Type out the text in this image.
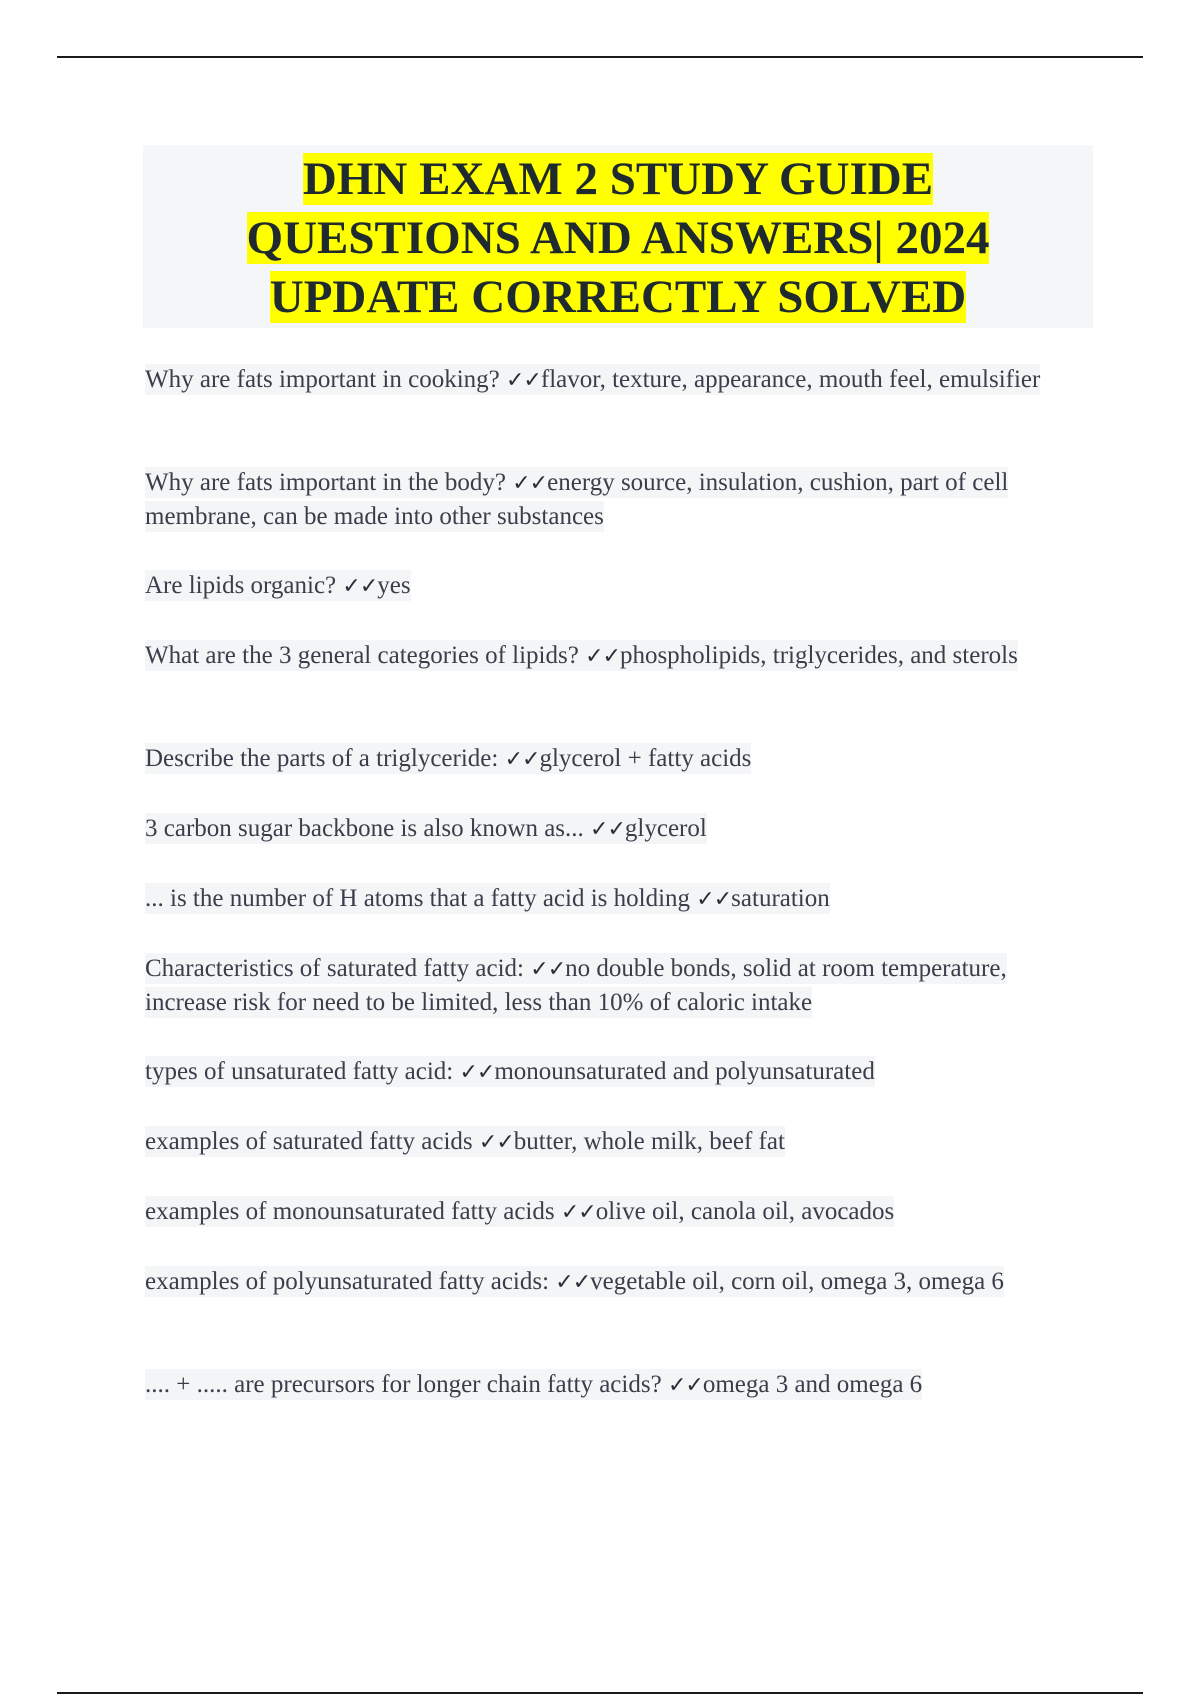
DHN EXAM 2 STUDY GUIDE
QUESTIONS AND ANSWERS| 2024
UPDATE CORRECTLY SOLVED
Why are fats important in cooking? ✓✓flavor, texture, appearance, mouth feel, emulsifier
Why are fats important in the body? ✓✓energy source, insulation, cushion, part of cell membrane, can be made into other substances
Are lipids organic? ✓✓yes
What are the 3 general categories of lipids? ✓✓phospholipids, triglycerides, and sterols
Describe the parts of a triglyceride: ✓✓glycerol + fatty acids
3 carbon sugar backbone is also known as... ✓✓glycerol
... is the number of H atoms that a fatty acid is holding ✓✓saturation
Characteristics of saturated fatty acid: ✓✓no double bonds, solid at room temperature, increase risk for need to be limited, less than 10% of caloric intake
types of unsaturated fatty acid: ✓✓monounsaturated and polyunsaturated
examples of saturated fatty acids ✓✓butter, whole milk, beef fat
examples of monounsaturated fatty acids ✓✓olive oil, canola oil, avocados
examples of polyunsaturated fatty acids: ✓✓vegetable oil, corn oil, omega 3, omega 6
.... + ..... are precursors for longer chain fatty acids? ✓✓omega 3 and omega 6
